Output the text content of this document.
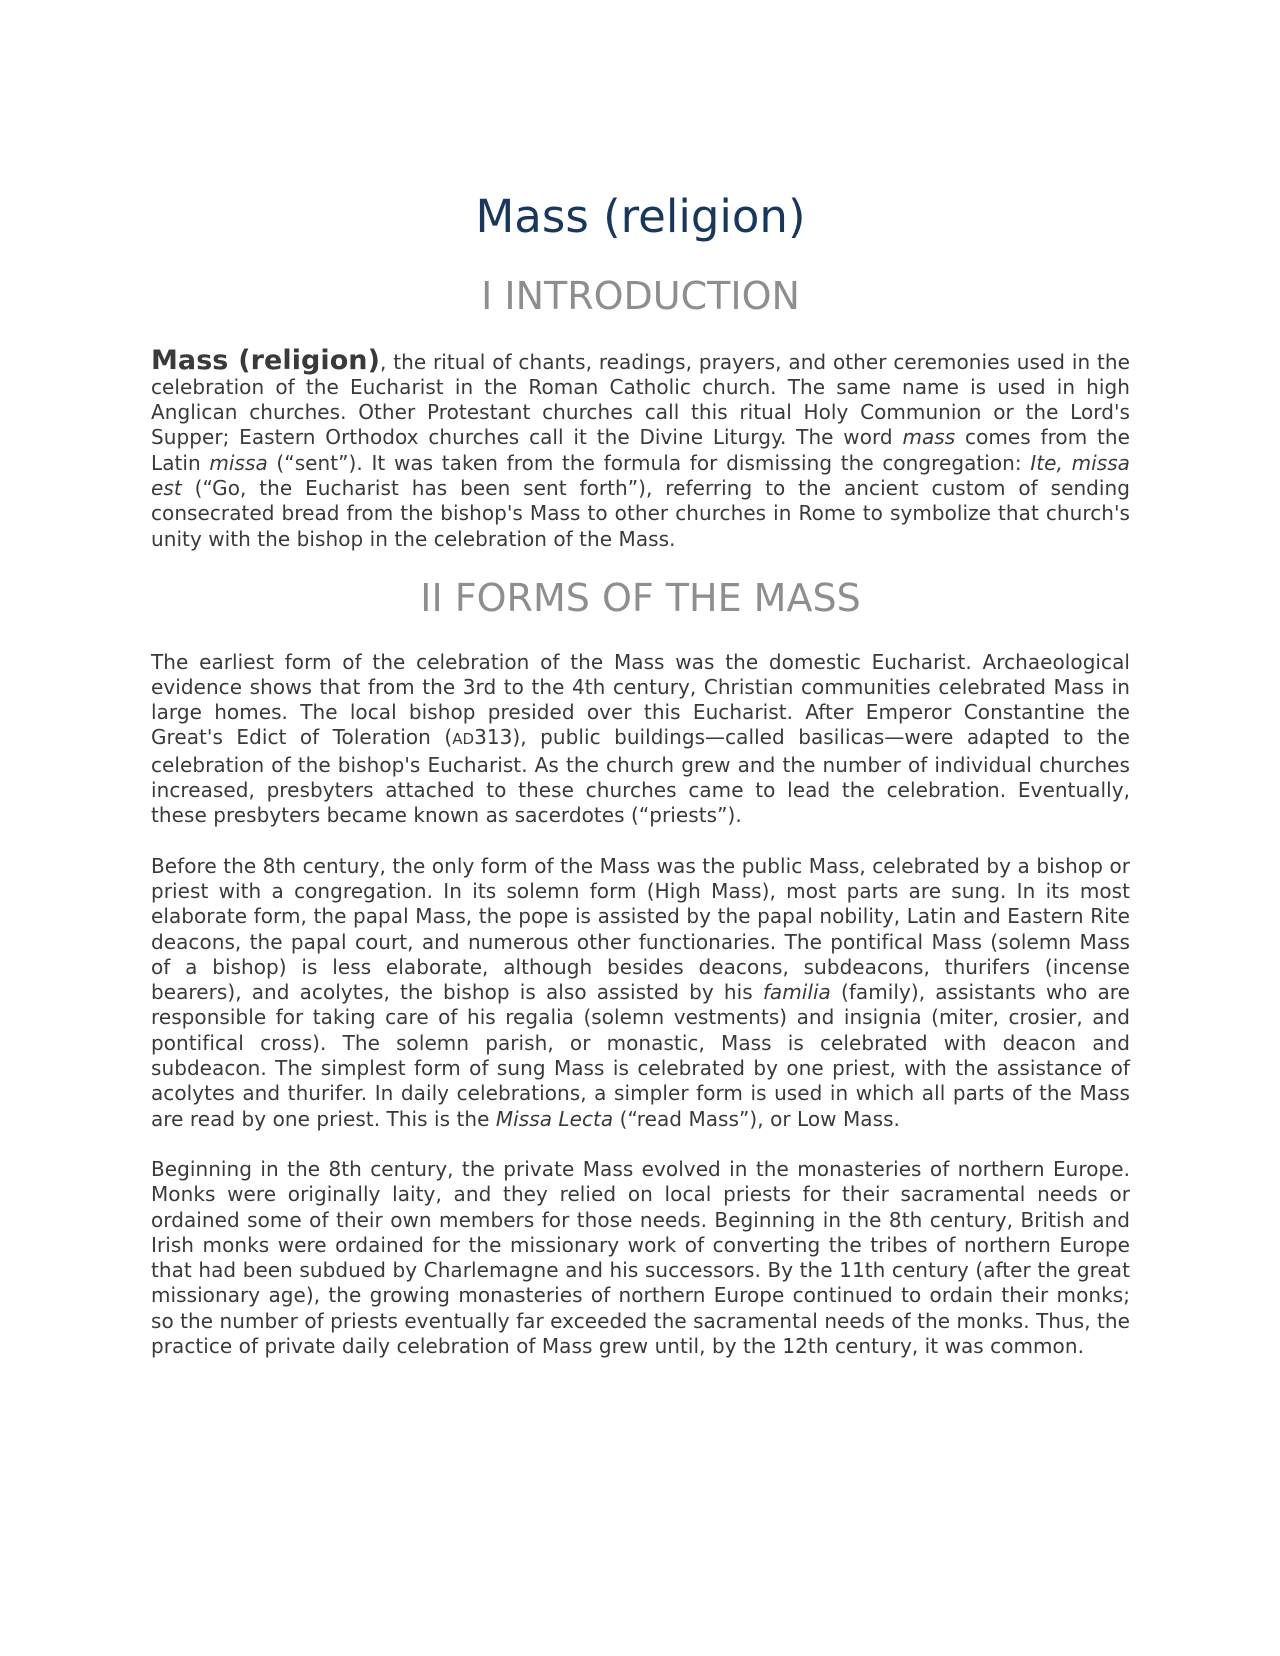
Mass (religion)
I INTRODUCTION

Mass (religion), the ritual of chants, readings, prayers, and other ceremonies used in the celebration of the Eucharist in the Roman Catholic church. The same name is used in high Anglican churches. Other Protestant churches call this ritual Holy Communion or the Lord's Supper; Eastern Orthodox churches call it the Divine Liturgy. The word mass comes from the Latin missa (“sent”). It was taken from the formula for dismissing the congregation: Ite, missa est (“Go, the Eucharist has been sent forth”), referring to the ancient custom of sending consecrated bread from the bishop's Mass to other churches in Rome to symbolize that church's unity with the bishop in the celebration of the Mass.

II FORMS OF THE MASS

The earliest form of the celebration of the Mass was the domestic Eucharist. Archaeological evidence shows that from the 3rd to the 4th century, Christian communities celebrated Mass in large homes. The local bishop presided over this Eucharist. After Emperor Constantine the Great's Edict of Toleration (AD313), public buildings—called basilicas—were adapted to the celebration of the bishop's Eucharist. As the church grew and the number of individual churches increased, presbyters attached to these churches came to lead the celebration. Eventually, these presbyters became known as sacerdotes (“priests”).

Before the 8th century, the only form of the Mass was the public Mass, celebrated by a bishop or priest with a congregation. In its solemn form (High Mass), most parts are sung. In its most elaborate form, the papal Mass, the pope is assisted by the papal nobility, Latin and Eastern Rite deacons, the papal court, and numerous other functionaries. The pontifical Mass (solemn Mass of a bishop) is less elaborate, although besides deacons, subdeacons, thurifers (incense bearers), and acolytes, the bishop is also assisted by his familia (family), assistants who are responsible for taking care of his regalia (solemn vestments) and insignia (miter, crosier, and pontifical cross). The solemn parish, or monastic, Mass is celebrated with deacon and subdeacon. The simplest form of sung Mass is celebrated by one priest, with the assistance of acolytes and thurifer. In daily celebrations, a simpler form is used in which all parts of the Mass are read by one priest. This is the Missa Lecta (“read Mass”), or Low Mass.

Beginning in the 8th century, the private Mass evolved in the monasteries of northern Europe. Monks were originally laity, and they relied on local priests for their sacramental needs or ordained some of their own members for those needs. Beginning in the 8th century, British and Irish monks were ordained for the missionary work of converting the tribes of northern Europe that had been subdued by Charlemagne and his successors. By the 11th century (after the great missionary age), the growing monasteries of northern Europe continued to ordain their monks; so the number of priests eventually far exceeded the sacramental needs of the monks. Thus, the practice of private daily celebration of Mass grew until, by the 12th century, it was common.
